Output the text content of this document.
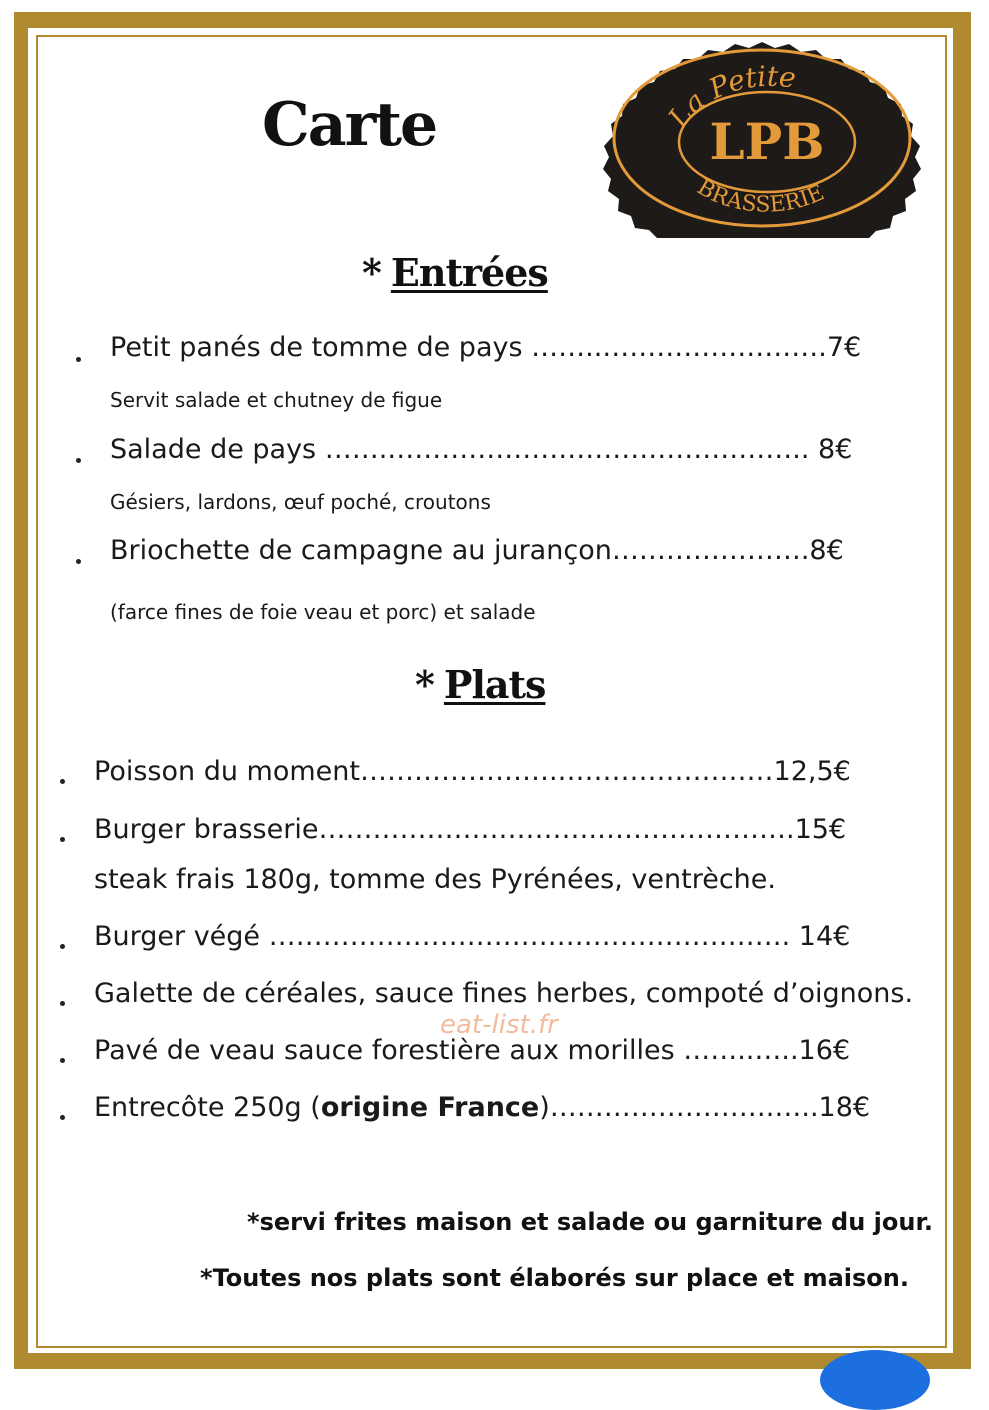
Carte	La Petite
LPB
BRASSERIE
* Entrées
Petit panés de tomme de pays ……..…………………….7€
Servit salade et chutney de figue
Salade de pays …….……………………………………….. 8€
Gésiers, lardons, œuf poché, croutons
Briochette de campagne au jurançon………………….8€
(farce fines de foie veau et porc) et salade
* Plats
Poisson du moment………………….……………………12,5€
Burger brasserie………………………….………………….15€
steak frais 180g, tomme des Pyrénées, ventrèche.
Burger végé …………………………………………………. 14€
Galette de céréales, sauce fines herbes, compoté d’oignons.
Pavé de veau sauce forestière aux morilles ……..…..16€
Entrecôte 250g (origine France)…………………….…..18€
eat-list.fr
*servi frites maison et salade ou garniture du jour.
*Toutes nos plats sont élaborés sur place et maison.
